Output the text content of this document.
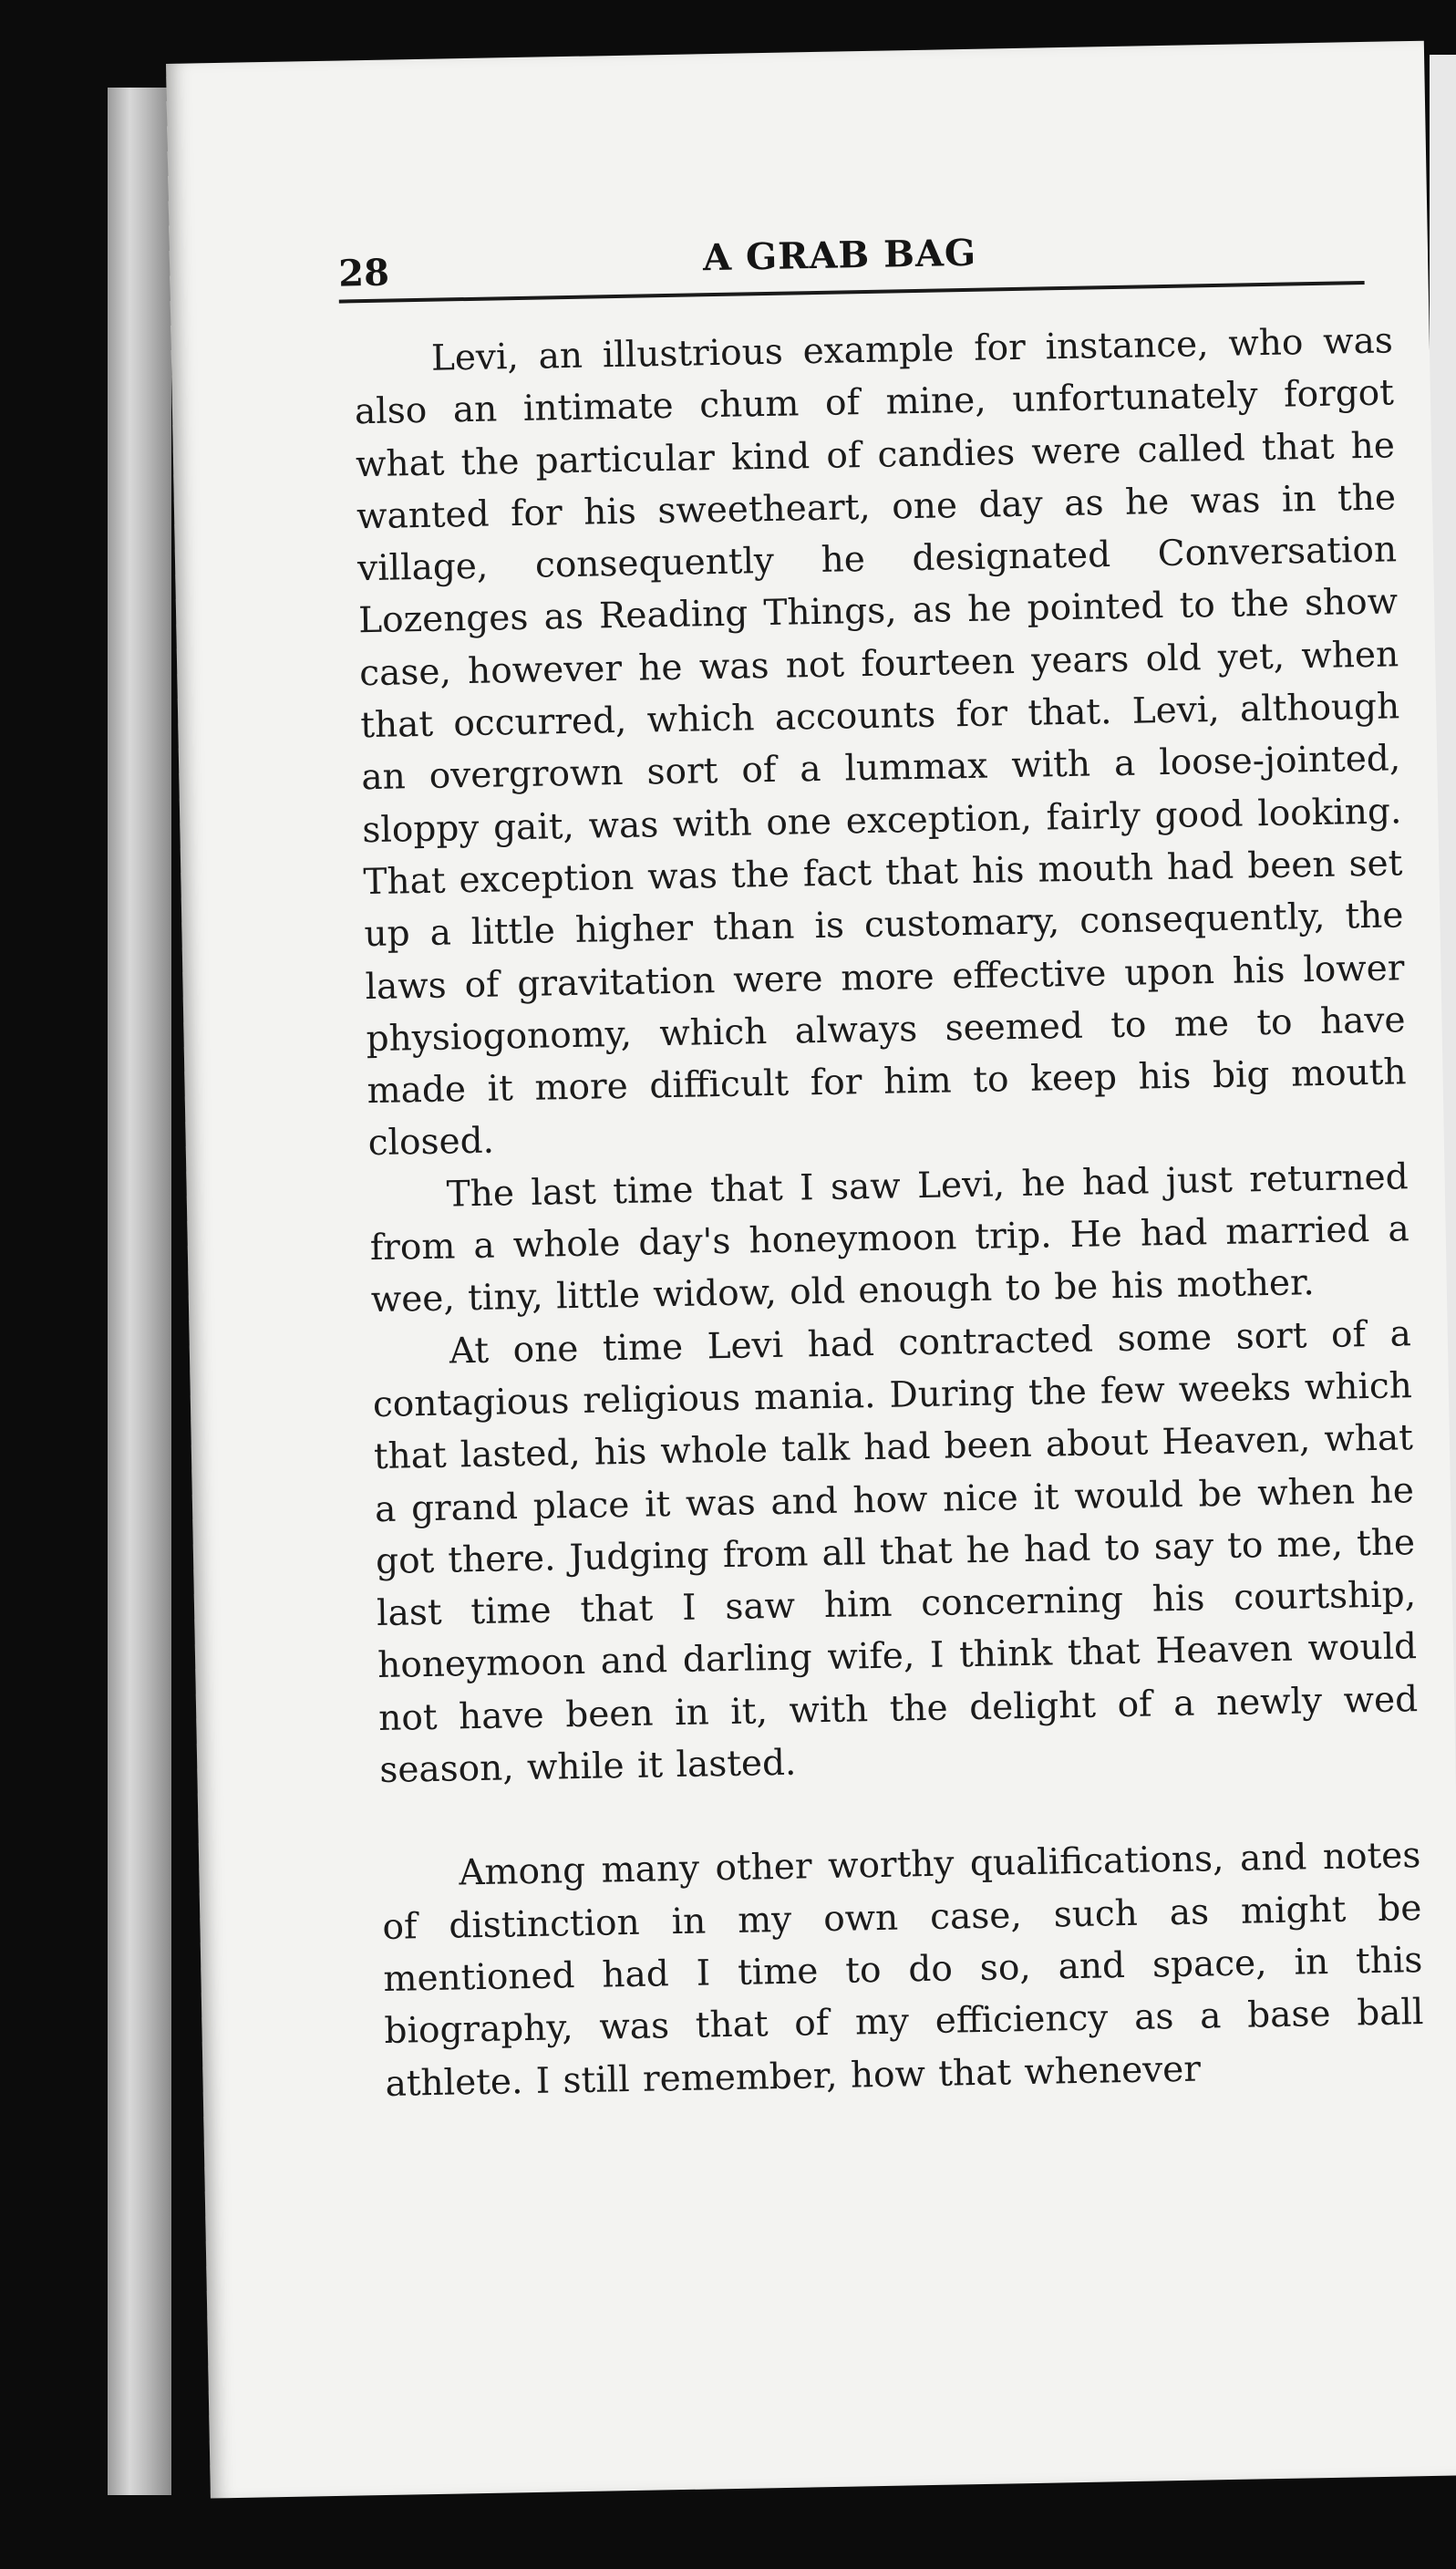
28	A GRAB BAG

Levi, an illustrious example for instance, who was also an intimate chum of mine, unfortunately forgot what the particular kind of candies were called that he wanted for his sweetheart, one day as he was in the village, consequently he designated Conversation Lozenges as Reading Things, as he pointed to the show case, however he was not fourteen years old yet, when that occurred, which accounts for that. Levi, although an overgrown sort of a lummax with a loose-jointed, sloppy gait, was with one exception, fairly good looking. That exception was the fact that his mouth had been set up a little higher than is customary, consequently, the laws of gravitation were more effective upon his lower physiogonomy, which always seemed to me to have made it more difficult for him to keep his big mouth closed.

The last time that I saw Levi, he had just returned from a whole day's honeymoon trip. He had married a wee, tiny, little widow, old enough to be his mother.

At one time Levi had contracted some sort of a contagious religious mania. During the few weeks which that lasted, his whole talk had been about Heaven, what a grand place it was and how nice it would be when he got there. Judging from all that he had to say to me, the last time that I saw him concerning his courtship, honeymoon and darling wife, I think that Heaven would not have been in it, with the delight of a newly wed season, while it lasted.

Among many other worthy qualifications, and notes of distinction in my own case, such as might be mentioned had I time to do so, and space, in this biography, was that of my efficiency as a base ball athlete. I still remember, how that whenever
